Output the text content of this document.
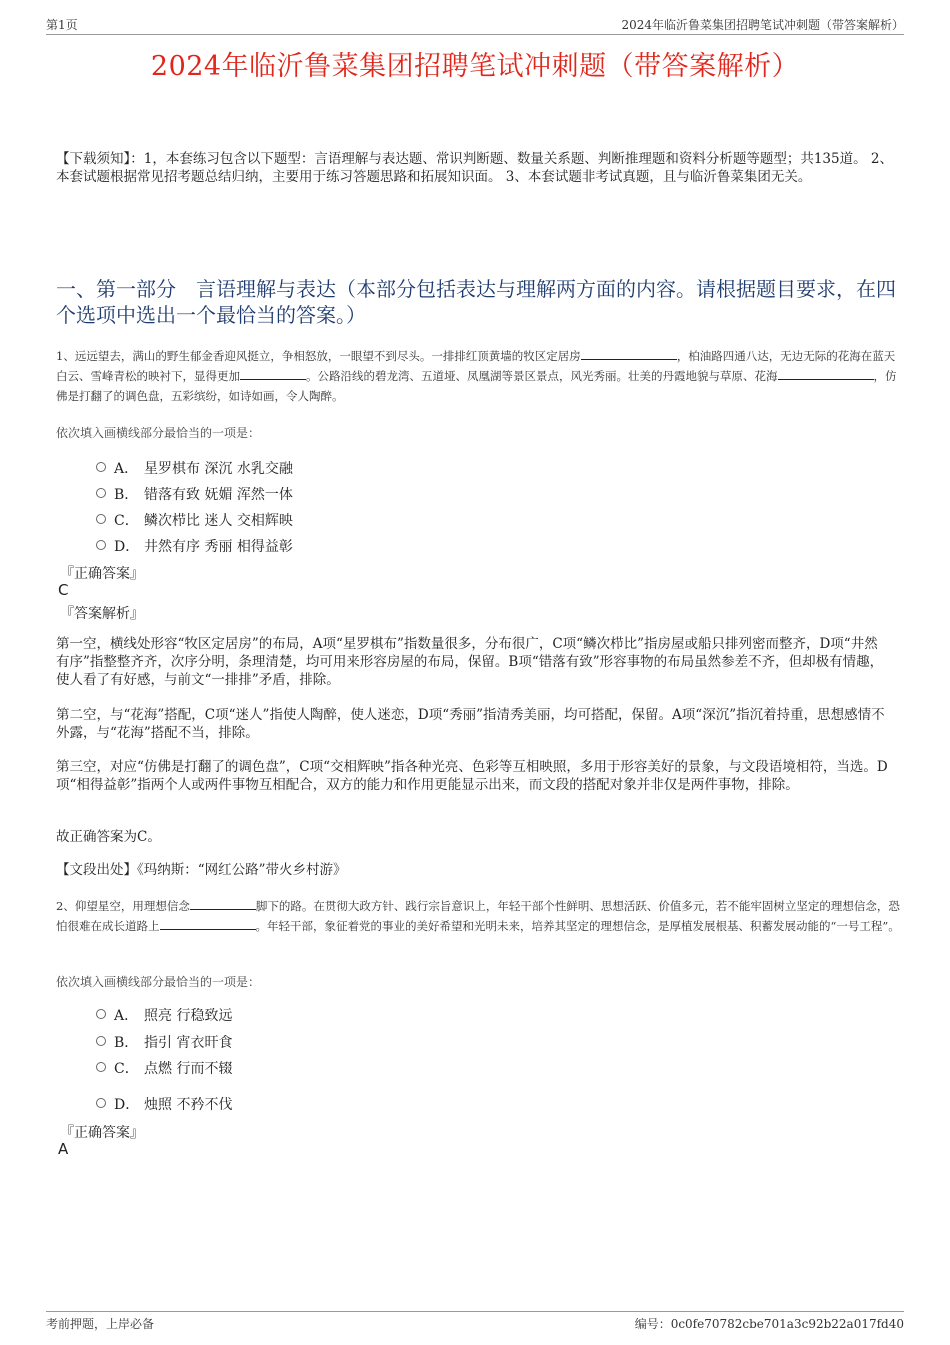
第1页	2024年临沂鲁菜集团招聘笔试冲刺题（带答案解析）
2024年临沂鲁菜集团招聘笔试冲刺题（带答案解析）
【下载须知】：1，本套练习包含以下题型：言语理解与表达题、常识判断题、数量关系题、判断推理题和资料分析题等题型；共135道。 2、本套试题根据常见招考题总结归纳，主要用于练习答题思路和拓展知识面。 3、本套试题非考试真题，且与临沂鲁菜集团无关。
一、第一部分　言语理解与表达（本部分包括表达与理解两方面的内容。请根据题目要求，在四个选项中选出一个最恰当的答案。）
1、远远望去，满山的野生郁金香迎风挺立，争相怒放，一眼望不到尽头。一排排红顶黄墙的牧区定居房	，柏油路四通八达，无边无际的花海在蓝天白云、雪峰青松的映衬下，显得更加	。公路沿线的碧龙湾、五道垭、凤凰湖等景区景点，风光秀丽。壮美的丹霞地貌与草原、花海	，仿佛是打翻了的调色盘，五彩缤纷，如诗如画，令人陶醉。
依次填入画横线部分最恰当的一项是：
A． 星罗棋布 深沉 水乳交融
B． 错落有致 妩媚 浑然一体
C． 鳞次栉比 迷人 交相辉映
D． 井然有序 秀丽 相得益彰
『正确答案』
C
『答案解析』
第一空，横线处形容“牧区定居房”的布局，A项“星罗棋布”指数量很多，分布很广，C项“鳞次栉比”指房屋或船只排列密而整齐，D项“井然有序”指整整齐齐，次序分明，条理清楚，均可用来形容房屋的布局，保留。B项“错落有致”形容事物的布局虽然参差不齐，但却极有情趣，使人看了有好感，与前文“一排排”矛盾，排除。
第二空，与“花海”搭配，C项“迷人”指使人陶醉，使人迷恋，D项“秀丽”指清秀美丽，均可搭配，保留。A项“深沉”指沉着持重，思想感情不外露，与“花海”搭配不当，排除。
第三空，对应“仿佛是打翻了的调色盘”，C项“交相辉映”指各种光亮、色彩等互相映照，多用于形容美好的景象，与文段语境相符，当选。D项“相得益彰”指两个人或两件事物互相配合，双方的能力和作用更能显示出来，而文段的搭配对象并非仅是两件事物，排除。
故正确答案为C。
【文段出处】《玛纳斯：“网红公路”带火乡村游》
2、仰望星空，用理想信念	脚下的路。在贯彻大政方针、践行宗旨意识上，年轻干部个性鲜明、思想活跃、价值多元，若不能牢固树立坚定的理想信念，恐怕很难在成长道路上	。年轻干部，象征着党的事业的美好希望和光明未来，培养其坚定的理想信念，是厚植发展根基、积蓄发展动能的“一号工程”。
依次填入画横线部分最恰当的一项是：
A． 照亮 行稳致远
B． 指引 宵衣旰食
C． 点燃 行而不辍
D． 烛照 不矜不伐
『正确答案』
A
考前押题，上岸必备	编号：0c0fe70782cbe701a3c92b22a017fd40
